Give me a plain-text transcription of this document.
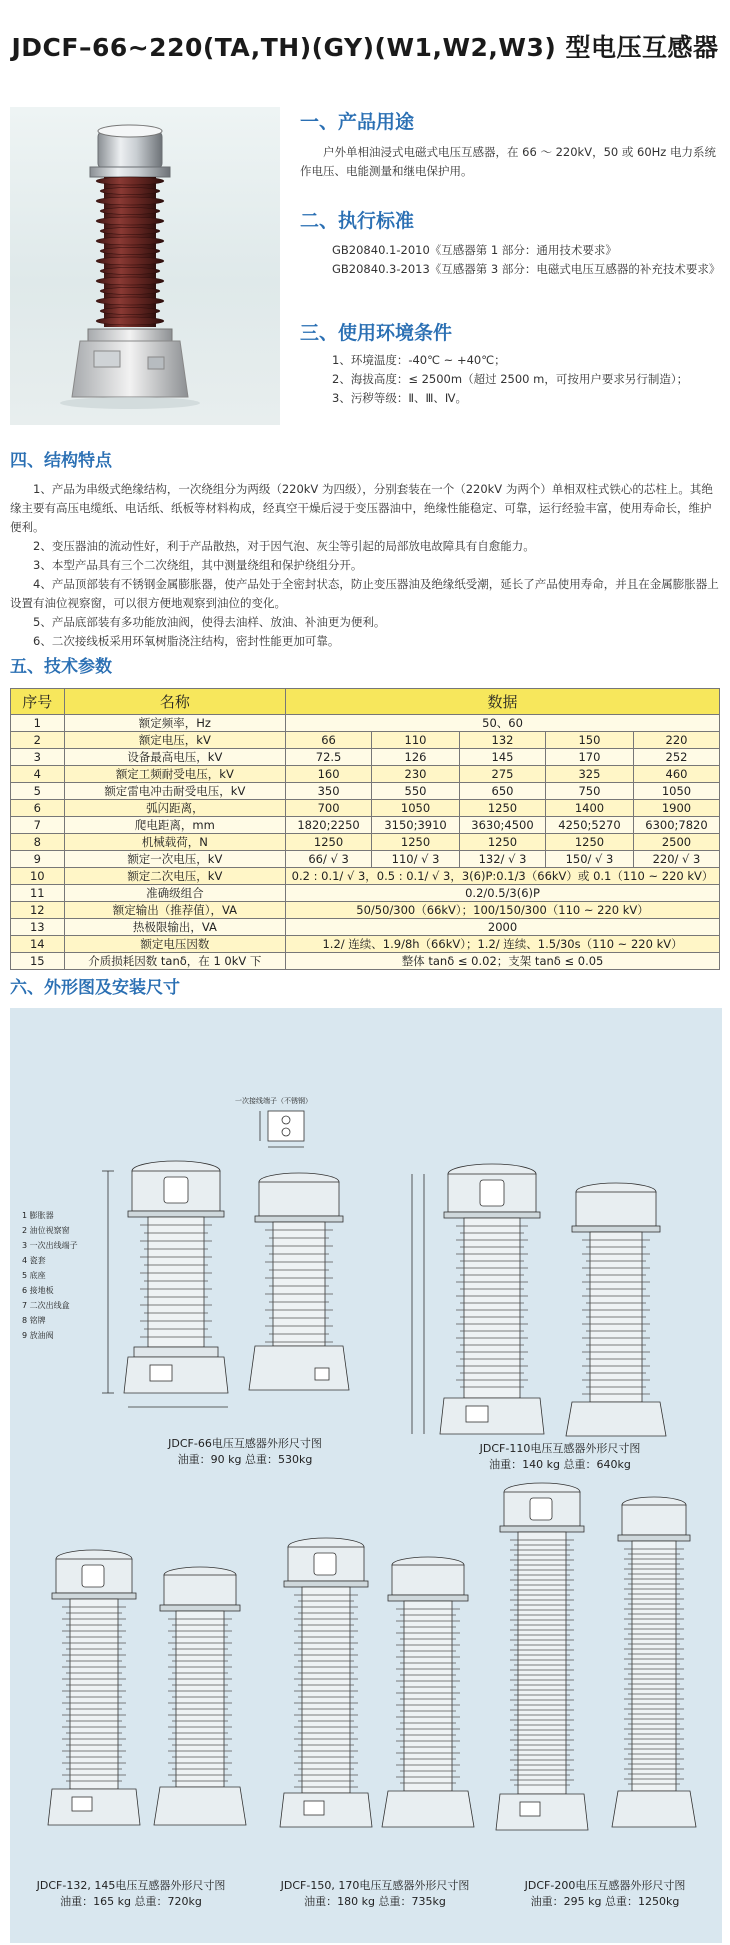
JDCF–66~220(TA,TH)(GY)(W1,W2,W3) 型电压互感器
一、产品用途
户外单相油浸式电磁式电压互感器，在 66 ～ 220kV，50 或 60Hz 电力系统作电压、电能测量和继电保护用。
二、执行标准
GB20840.1-2010《互感器第 1 部分：通用技术要求》
GB20840.3-2013《互感器第 3 部分：电磁式电压互感器的补充技术要求》
三、使用环境条件
1、环境温度：-40℃ ~ +40℃；
2、海拔高度：≤ 2500m（超过 2500 m，可按用户要求另行制造）；
3、污秽等级：Ⅱ、Ⅲ、Ⅳ。
四、结构特点

1、产品为串级式绝缘结构，一次绕组分为两级（220kV 为四级），分别套装在一个（220kV 为两个）单相双柱式铁心的芯柱上。其绝缘主要有高压电缆纸、电话纸、纸板等材料构成，经真空干燥后浸于变压器油中，绝缘性能稳定、可靠，运行经验丰富，使用寿命长，维护便利。

2、变压器油的流动性好，利于产品散热，对于因气泡、灰尘等引起的局部放电故障具有自愈能力。

3、本型产品具有三个二次绕组，其中测量绕组和保护绕组分开。

4、产品顶部装有不锈钢金属膨胀器，使产品处于全密封状态，防止变压器油及绝缘纸受潮，延长了产品使用寿命，并且在金属膨胀器上设置有油位视察窗，可以很方便地观察到油位的变化。

5、产品底部装有多功能放油阀，使得去油样、放油、补油更为便利。

6、二次接线板采用环氧树脂浇注结构，密封性能更加可靠。

五、技术参数
序号	名称	数据				
1	额定频率，Hz	50、60				
2	额定电压，kV	66	110	132	150	220
3	设备最高电压，kV	72.5	126	145	170	252
4	额定工频耐受电压，kV	160	230	275	325	460
5	额定雷电冲击耐受电压，kV	350	550	650	750	1050
6	弧闪距离，	700	1050	1250	1400	1900
7	爬电距离，mm	1820;2250	3150;3910	3630;4500	4250;5270	6300;7820
8	机械载荷，N	1250	1250	1250	1250	2500
9	额定一次电压，kV	66/ √ 3	110/ √ 3	132/ √ 3	150/ √ 3	220/ √ 3
10	额定二次电压，kV	0.2 : 0.1/ √ 3，0.5 : 0.1/ √ 3，3(6)P:0.1/3（66kV）或 0.1（110 ~ 220 kV）				
11	准确级组合	0.2/0.5/3(6)P				
12	额定输出（推荐值），VA	50/50/300（66kV）；100/150/300（110 ~ 220 kV）				
13	热极限输出，VA	2000				
14	额定电压因数	1.2/ 连续、1.9/8h（66kV）；1.2/ 连续、1.5/30s（110 ~ 220 kV）				
15	介质损耗因数 tanδ，在 1 0kV 下	整体 tanδ ≤ 0.02；支架 tanδ ≤ 0.05				
六、外形图及安装尺寸
一次接线端子（不锈钢）
1 膨胀器
2 油位视察窗
3 一次出线端子
4 瓷套
5 底座
6 接地板
7 二次出线盒
8 铭牌
9 放油阀
JDCF-66电压互感器外形尺寸图
油重：90 kg 总重：530kg
JDCF-110电压互感器外形尺寸图
油重：140 kg 总重：640kg
JDCF-132, 145电压互感器外形尺寸图
油重：165 kg 总重：720kg
JDCF-150, 170电压互感器外形尺寸图
油重：180 kg 总重：735kg
JDCF-200电压互感器外形尺寸图
油重：295 kg 总重：1250kg
